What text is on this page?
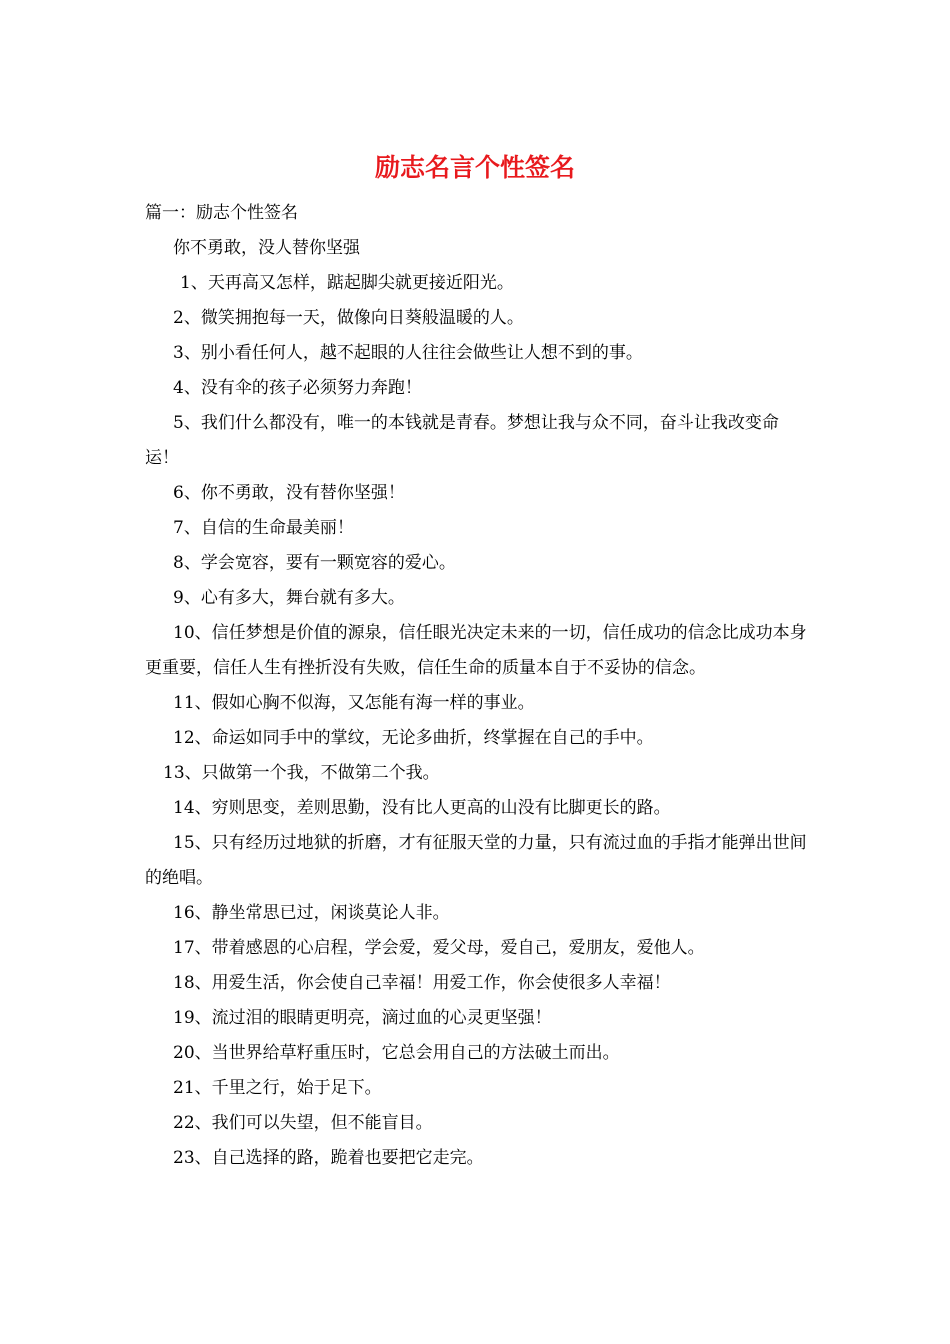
励志名言个性签名

篇一：励志个性签名

你不勇敢，没人替你坚强

1、天再高又怎样，踮起脚尖就更接近阳光。

2、微笑拥抱每一天，做像向日葵般温暖的人。

3、别小看任何人，越不起眼的人往往会做些让人想不到的事。

4、没有伞的孩子必须努力奔跑！

5、我们什么都没有，唯一的本钱就是青春。梦想让我与众不同，奋斗让我改变命运！

6、你不勇敢，没有替你坚强！

7、自信的生命最美丽！

8、学会宽容，要有一颗宽容的爱心。

9、心有多大，舞台就有多大。

10、信任梦想是价值的源泉，信任眼光决定未来的一切，信任成功的信念比成功本身更重要，信任人生有挫折没有失败，信任生命的质量本自于不妥协的信念。

11、假如心胸不似海，又怎能有海一样的事业。

12、命运如同手中的掌纹，无论多曲折，终掌握在自己的手中。

13、只做第一个我，不做第二个我。

14、穷则思变，差则思勤，没有比人更高的山没有比脚更长的路。

15、只有经历过地狱的折磨，才有征服天堂的力量，只有流过血的手指才能弹出世间的绝唱。

16、静坐常思已过，闲谈莫论人非。

17、带着感恩的心启程，学会爱，爱父母，爱自己，爱朋友，爱他人。

18、用爱生活，你会使自己幸福！用爱工作，你会使很多人幸福！

19、流过泪的眼睛更明亮，滴过血的心灵更坚强！

20、当世界给草籽重压时，它总会用自己的方法破土而出。

21、千里之行，始于足下。

22、我们可以失望，但不能盲目。

23、自己选择的路，跪着也要把它走完。
